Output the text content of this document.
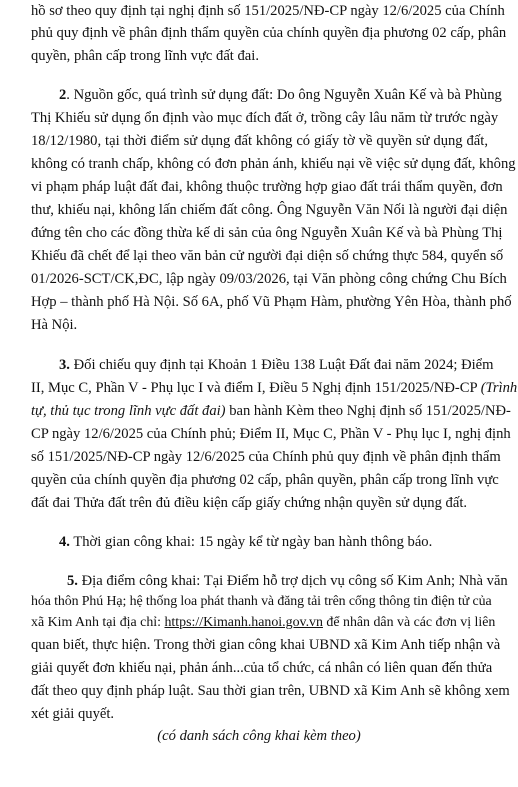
hồ sơ theo quy định tại nghị định số 151/2025/NĐ-CP ngày 12/6/2025 của Chính
phủ quy định về phân định thẩm quyền của chính quyền địa phương 02 cấp, phân
quyền, phân cấp trong lĩnh vực đất đai.
2. Nguồn gốc, quá trình sử dụng đất: Do ông Nguyễn Xuân Kế và bà Phùng
Thị Khiếu sử dụng ổn định vào mục đích đất ở, trồng cây lâu năm từ trước ngày
18/12/1980, tại thời điểm sử dụng đất không có giấy tờ về quyền sử dụng đất,
không có tranh chấp, không có đơn phản ánh, khiếu nại về việc sử dụng đất, không
vi phạm pháp luật đất đai, không thuộc trường hợp giao đất trái thẩm quyền, đơn
thư, khiếu nại, không lấn chiếm đất công. Ông Nguyễn Văn Nối là người đại diện
đứng tên cho các đồng thừa kế di sản của ông Nguyễn Xuân Kế và bà Phùng Thị
Khiếu đã chết để lại theo văn bản cử người đại diện số chứng thực 584, quyển số
01/2026-SCT/CK,ĐC, lập ngày 09/03/2026, tại Văn phòng công chứng Chu Bích
Hợp – thành phố Hà Nội. Số 6A, phố Vũ Phạm Hàm, phường Yên Hòa, thành phố
Hà Nội.
3. Đối chiếu quy định tại Khoản 1 Điều 138 Luật Đất đai năm 2024; Điểm
II, Mục C, Phần V - Phụ lục I và điểm I, Điều 5 Nghị định 151/2025/NĐ-CP (Trình
tự, thủ tục trong lĩnh vực đất đai) ban hành Kèm theo Nghị định số 151/2025/NĐ-
CP ngày 12/6/2025 của Chính phủ; Điểm II, Mục C, Phần V - Phụ lục I, nghị định
số 151/2025/NĐ-CP ngày 12/6/2025 của Chính phủ quy định về phân định thẩm
quyền của chính quyền địa phương 02 cấp, phân quyền, phân cấp trong lĩnh vực
đất đai Thửa đất trên đủ điều kiện cấp giấy chứng nhận quyền sử dụng đất.
4. Thời gian công khai: 15 ngày kể từ ngày ban hành thông báo.
5. Địa điểm công khai: Tại Điểm hỗ trợ dịch vụ công số Kim Anh; Nhà văn
hóa thôn Phú Hạ; hệ thống loa phát thanh và đăng tải trên cổng thông tin điện tử của
xã Kim Anh tại địa chỉ: https://Kimanh.hanoi.gov.vn để nhân dân và các đơn vị liên
quan biết, thực hiện. Trong thời gian công khai UBND xã Kim Anh tiếp nhận và
giải quyết đơn khiếu nại, phản ánh...của tổ chức, cá nhân có liên quan đến thửa
đất theo quy định pháp luật. Sau thời gian trên, UBND xã Kim Anh sẽ không xem
xét giải quyết.
(có danh sách công khai kèm theo)
